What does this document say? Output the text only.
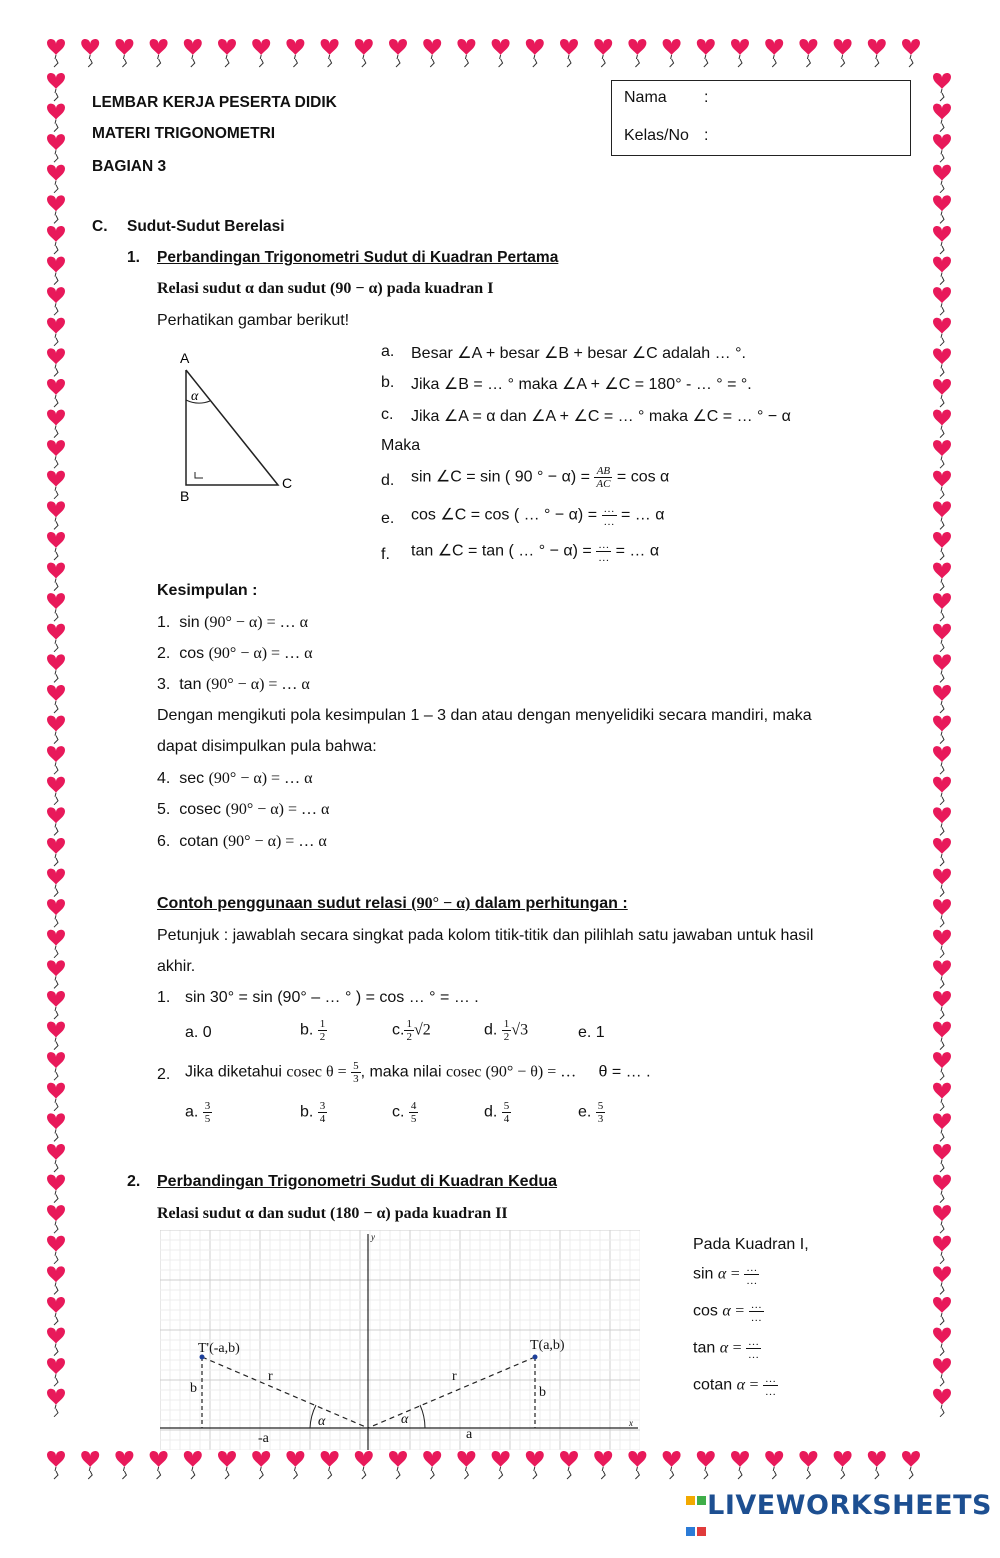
LEMBAR KERJA PESERTA DIDIK
MATERI TRIGONOMETRI
BAGIAN 3
Nama :
Kelas/No :
C. Sudut-Sudut Berelasi
1. Perbandingan Trigonometri Sudut di Kuadran Pertama
Relasi sudut α dan sudut (90 − α) pada kuadran I
Perhatikan gambar berikut!
A
B
C
α
a. Besar ∠A + besar ∠B + besar ∠C adalah … °.
b. Jika ∠B = … ° maka ∠A + ∠C = 180° - … ° = °.
c. Jika ∠A = α dan ∠A + ∠C = … ° maka ∠C = … ° − α
Maka
d. sin ∠C = sin ( 90 ° − $\alpha) = \frac{AB}{AC} = \cos \alpha$
e. cos ∠C = cos ( … ° − $\alpha) = \frac{\dots}{\dots}$ = … α
f. tan ∠C = tan ( … ° − $\alpha) = \frac{\dots}{\dots}$ = … α
Kesimpulan :
1. sin (90° − α) = … α
2. cos (90° − α) = … α
3. tan (90° − α) = … α
Dengan mengikuti pola kesimpulan 1 – 3 dan atau dengan menyelidiki secara mandiri, maka
dapat disimpulkan pula bahwa:
4. sec (90° − α) = … α
5. cosec (90° − α) = … α
6. cotan (90° − α) = … α
Contoh penggunaan sudut relasi (90° − α) dalam perhitungan :
Petunjuk : jawablah secara singkat pada kolom titik-titik dan pilihlah satu jawaban untuk hasil
akhir.
1. sin 30° = sin (90° – … ° ) = cos … ° = … .
a. 0	b. $\frac{1}{2}$	c. $\frac{1}{2} √2$	d. $\frac{1}{2} √3$	e. 1
2. Jika diketahui cosec $\theta = \frac{5}{3}$ , maka nilai cosec (90° − θ) = … θ = … .
a. $\frac{3}{5}$	b. $\frac{3}{4}$	c. $\frac{4}{5}$	d. $\frac{5}{4}$	e. $\frac{5}{3}$
2. Perbandingan Trigonometri Sudut di Kuadran Kedua
Relasi sudut α dan sudut (180 − α) pada kuadran II
T'(-a,b)	T(a,b)
r	r
b	b
-a	a
α	α	x
y	Pada Kuadran I,
$\sin \alpha = \frac{\dots}{\dots}$
$\cos \alpha = \frac{\dots}{\dots}$
$\tan \alpha = \frac{\dots}{\dots}$
cotan $\alpha = \frac{\dots}{\dots}$

LIVEWORKSHEETS
